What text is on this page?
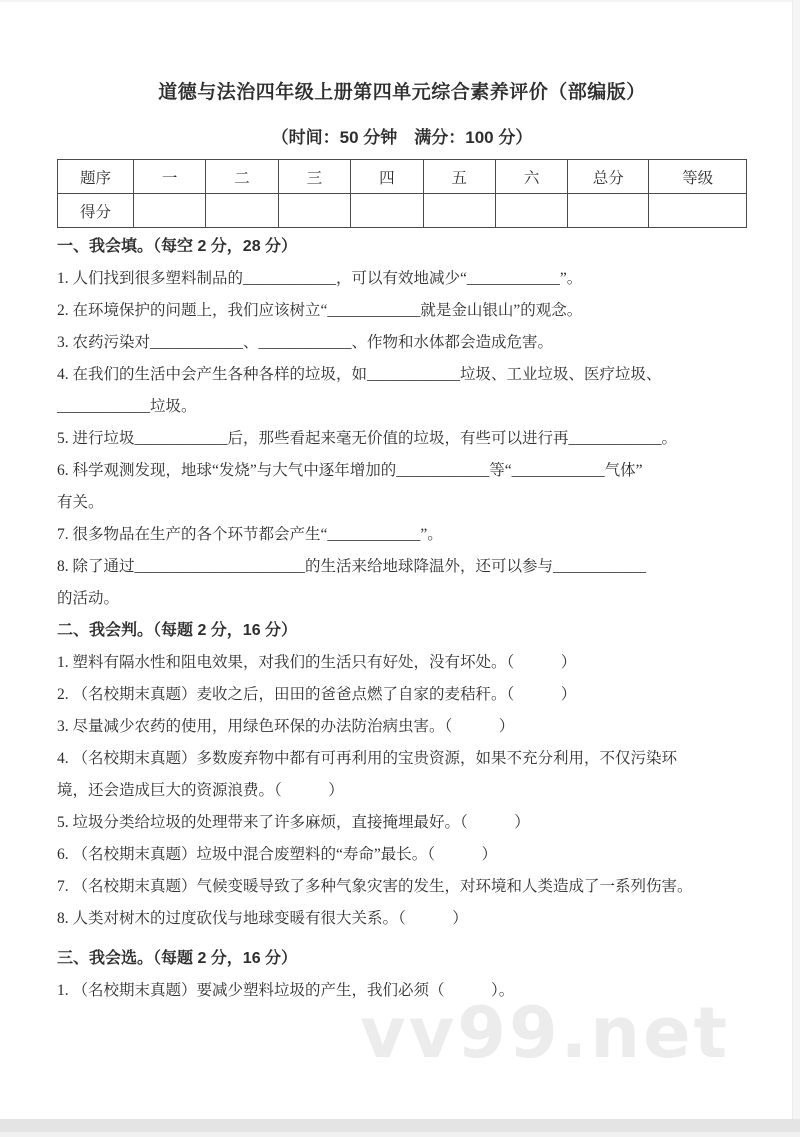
vv99.net
道德与法治四年级上册第四单元综合素养评价（部编版）
（时间：50 分钟　满分：100 分）
题序	一	二	三	四	五	六	总分	等级
得分								
一、我会填。（每空 2 分，28 分）
1. 人们找到很多塑料制品的____________，可以有效地减少“____________”。
2. 在环境保护的问题上，我们应该树立“____________就是金山银山”的观念。
3. 农药污染对____________、____________、作物和水体都会造成危害。
4. 在我们的生活中会产生各种各样的垃圾，如____________垃圾、工业垃圾、医疗垃圾、
____________垃圾。
5. 进行垃圾____________后，那些看起来毫无价值的垃圾，有些可以进行再____________。
6. 科学观测发现，地球“发烧”与大气中逐年增加的____________等“____________气体”
有关。
7. 很多物品在生产的各个环节都会产生“____________”。
8. 除了通过______________________的生活来给地球降温外，还可以参与____________
的活动。
二、我会判。（每题 2 分，16 分）
1. 塑料有隔水性和阻电效果，对我们的生活只有好处，没有坏处。（　　　）
2. （名校期末真题）麦收之后，田田的爸爸点燃了自家的麦秸秆。（　　　）
3. 尽量减少农药的使用，用绿色环保的办法防治病虫害。（　　　）
4. （名校期末真题）多数废弃物中都有可再利用的宝贵资源，如果不充分利用，不仅污染环
境，还会造成巨大的资源浪费。（　　　）
5. 垃圾分类给垃圾的处理带来了许多麻烦，直接掩埋最好。（　　　）
6. （名校期末真题）垃圾中混合废塑料的“寿命”最长。（　　　）
7. （名校期末真题）气候变暖导致了多种气象灾害的发生，对环境和人类造成了一系列伤害。
8. 人类对树木的过度砍伐与地球变暖有很大关系。（　　　）
三、我会选。（每题 2 分，16 分）
1. （名校期末真题）要减少塑料垃圾的产生，我们必须（　　　）。
